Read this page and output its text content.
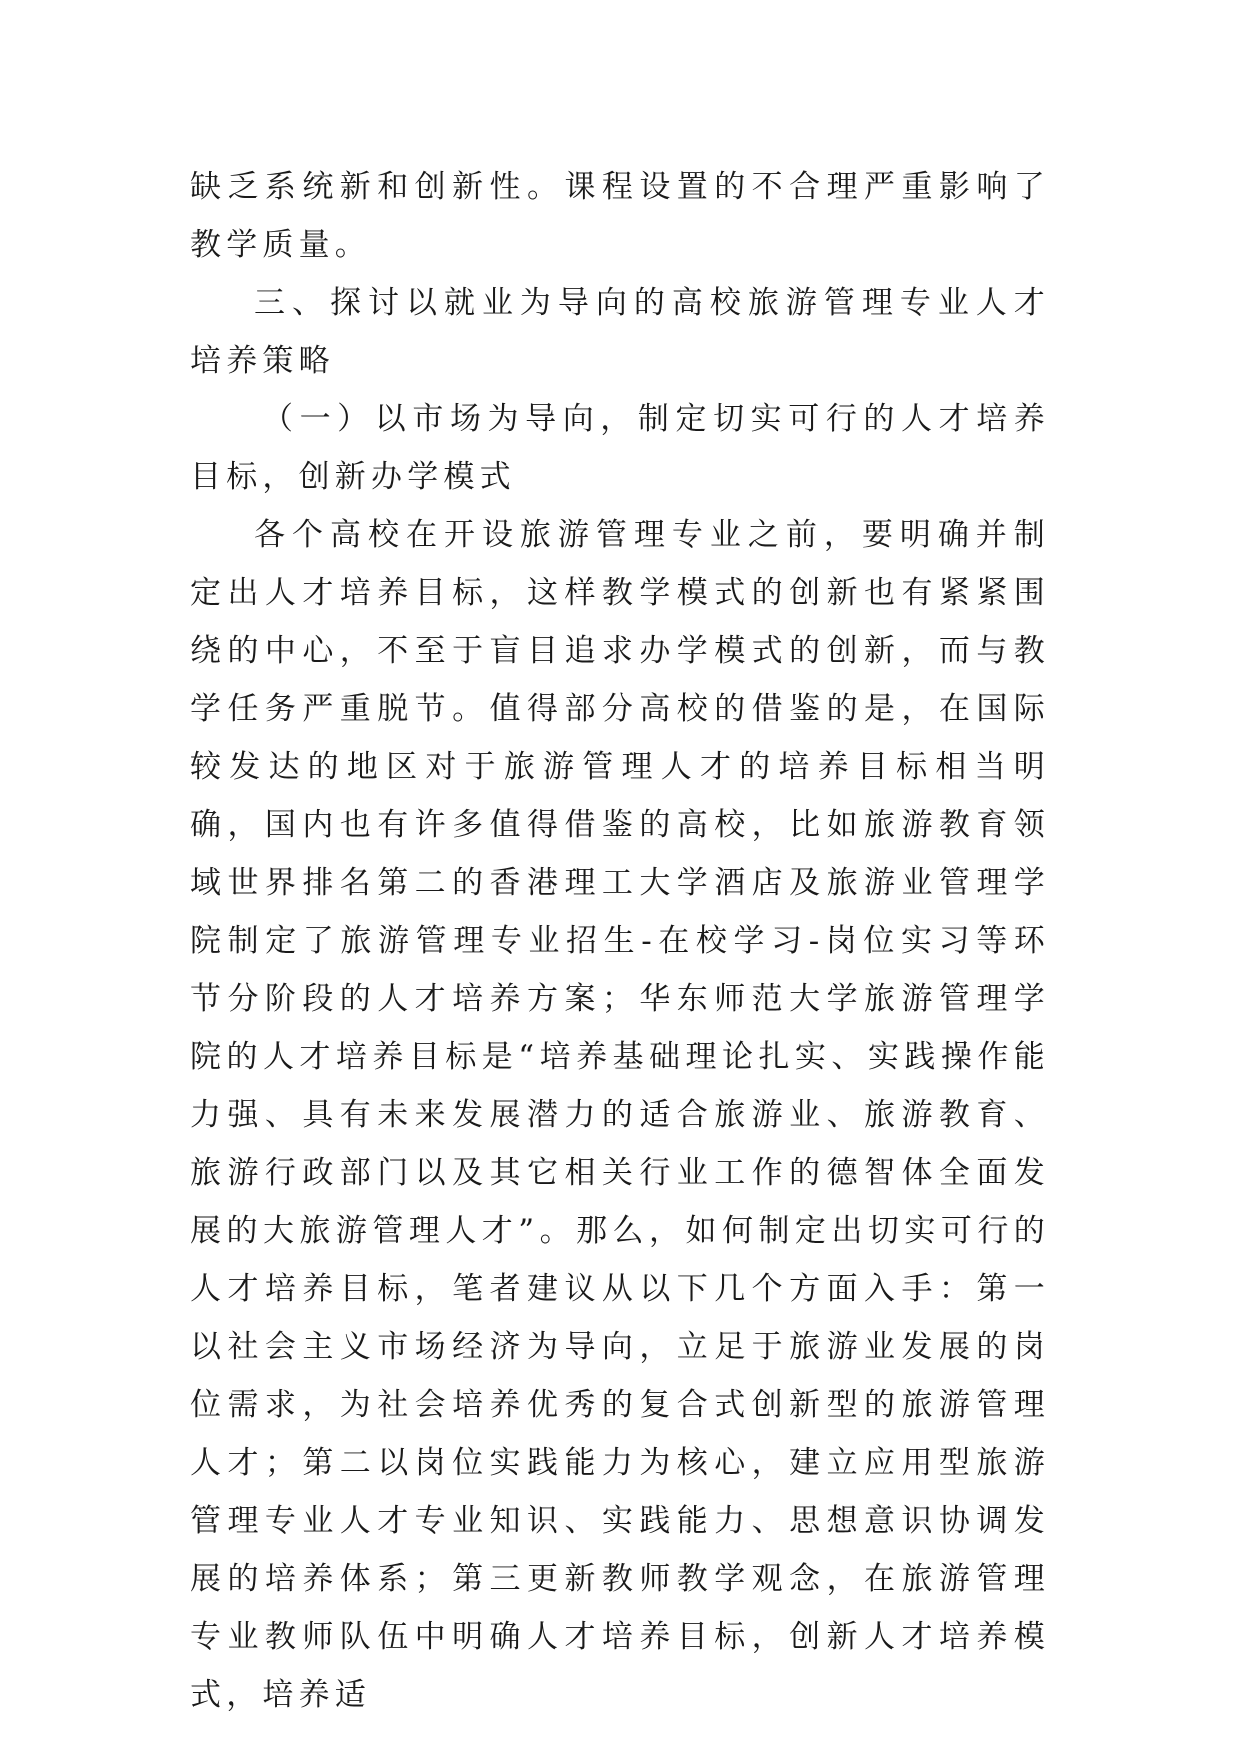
缺乏系统新和创新性。课程设置的不合理严重影响了教学质量。

三、探讨以就业为导向的高校旅游管理专业人才培养策略

（一）以市场为导向，制定切实可行的人才培养目标，创新办学模式

各个高校在开设旅游管理专业之前，要明确并制定出人才培养目标，这样教学模式的创新也有紧紧围绕的中心，不至于盲目追求办学模式的创新，而与教学任务严重脱节。值得部分高校的借鉴的是，在国际较发达的地区对于旅游管理人才的培养目标相当明确，国内也有许多值得借鉴的高校，比如旅游教育领域世界排名第二的香港理工大学酒店及旅游业管理学院制定了旅游管理专业招生-在校学习-岗位实习等环节分阶段的人才培养方案；华东师范大学旅游管理学院的人才培养目标是“培养基础理论扎实、实践操作能力强、具有未来发展潜力的适合旅游业、旅游教育、旅游行政部门以及其它相关行业工作的德智体全面发展的大旅游管理人才”。那么，如何制定出切实可行的人才培养目标，笔者建议从以下几个方面入手：第一以社会主义市场经济为导向，立足于旅游业发展的岗位需求，为社会培养优秀的复合式创新型的旅游管理人才；第二以岗位实践能力为核心，建立应用型旅游管理专业人才专业知识、实践能力、思想意识协调发展的培养体系；第三更新教师教学观念，在旅游管理专业教师队伍中明确人才培养目标，创新人才培养模式，培养适
